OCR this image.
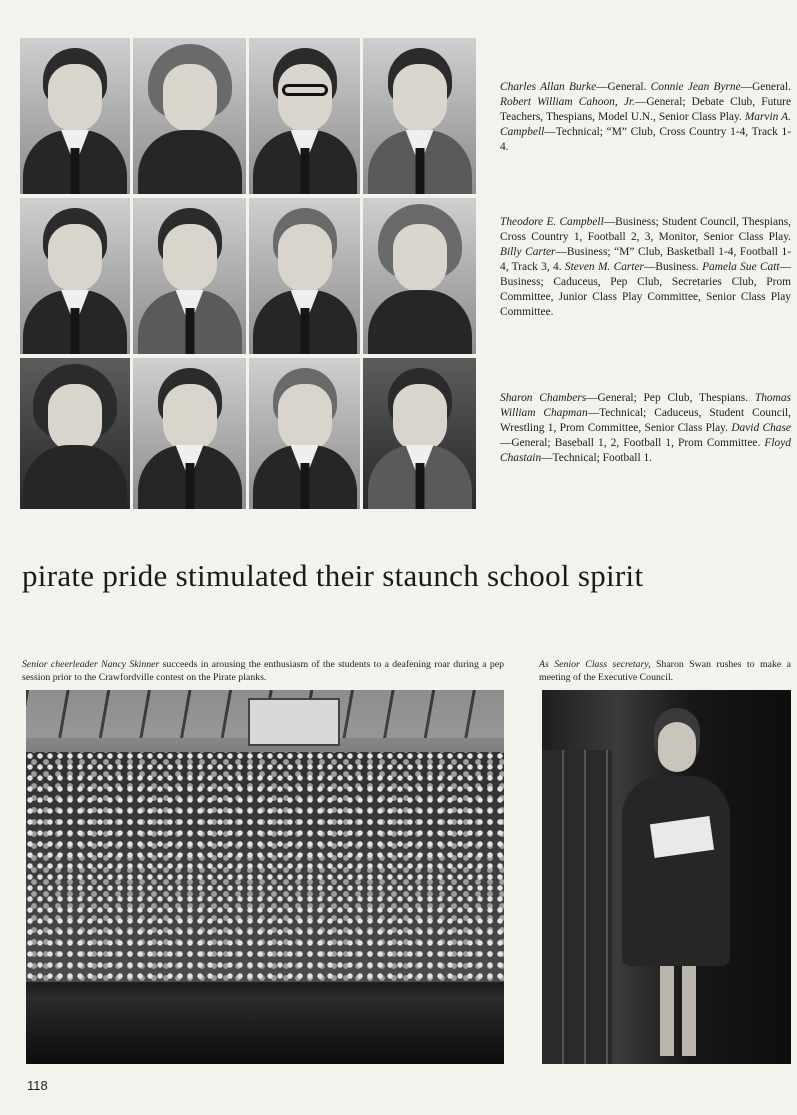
Charles Allan Burke—General. Connie Jean Byrne—General. Robert William Cahoon, Jr.—General; Debate Club, Future Teachers, Thespians, Model U.N., Senior Class Play. Marvin A. Campbell—Technical; “M” Club, Cross Country 1-4, Track 1-4.

Theodore E. Campbell—Business; Student Council, Thespians, Cross Country 1, Football 2, 3, Monitor, Senior Class Play. Billy Carter—Business; “M” Club, Basketball 1-4, Football 1-4, Track 3, 4. Steven M. Carter—Business. Pamela Sue Catt—Business; Caduceus, Pep Club, Secretaries Club, Prom Committee, Junior Class Play Committee, Senior Class Play Committee.

Sharon Chambers—General; Pep Club, Thespians. Thomas William Chapman—Technical; Caduceus, Student Council, Wrestling 1, Prom Committee, Senior Class Play. David Chase—General; Baseball 1, 2, Football 1, Prom Committee. Floyd Chastain—Technical; Football 1.

pirate pride stimulated their staunch school spirit

Senior cheerleader Nancy Skinner succeeds in arousing the enthusiasm of the students to a deafening roar during a pep session prior to the Crawfordville contest on the Pirate planks.

As Senior Class secretary, Sharon Swan rushes to make a meeting of the Executive Council.

118
